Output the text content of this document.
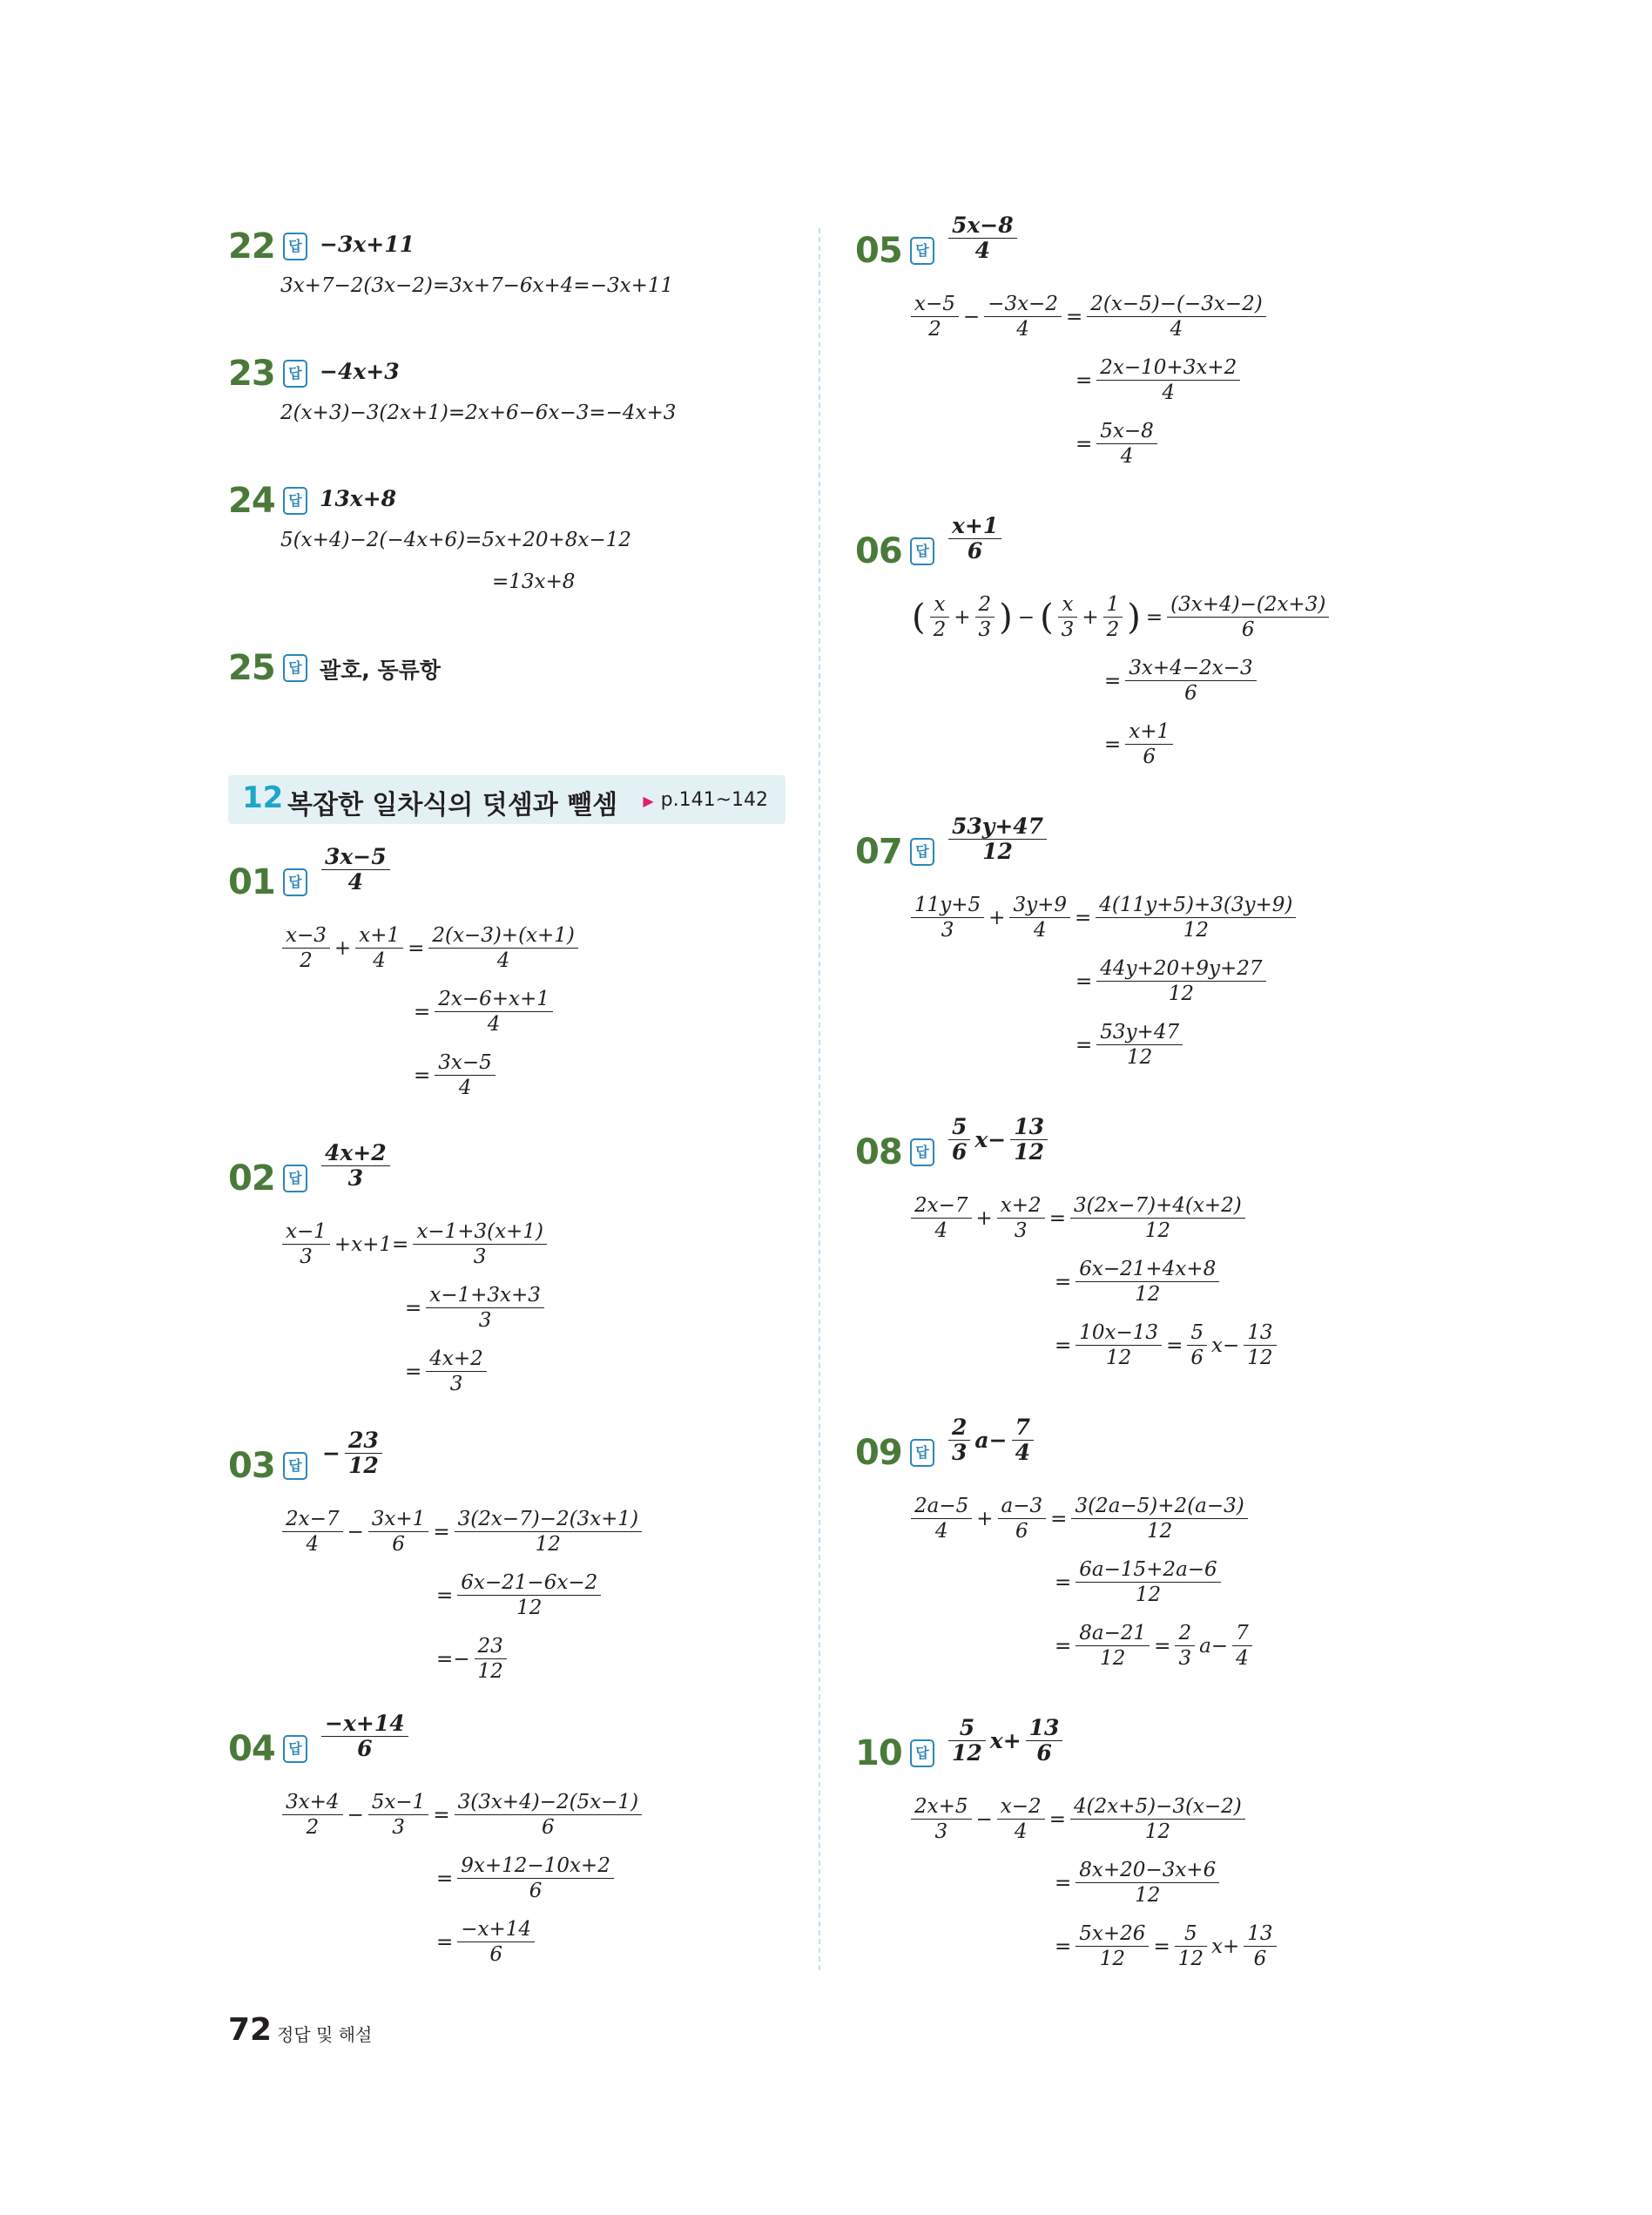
22 답 −3x+11
3x+7−2(3x−2)=3x+7−6x+4=−3x+11
23 답 −4x+3
2(x+3)−3(2x+1)=2x+6−6x−3=−4x+3
24 답 13x+8
5(x+4)−2(−4x+6)=5x+20+8x−12
=13x+8
25 답 괄호, 동류항
12 복잡한 일차식의 덧셈과 뺄셈 ▶ p.141~142
01 답 $\frac{3x-5}{4}$
$\frac{x-3}{2} + \frac{x+1}{4} = \frac{2(x-3)+(x+1)}{4}$
= $\frac{2x-6+x+1}{4}$
= $\frac{3x-5}{4}$
02 답 $\frac{4x+2}{3}$
$\frac{x-1}{3} +x+1= \frac{x-1+3(x+1)}{3}$
= $\frac{x-1+3x+3}{3}$
= $\frac{4x+2}{3}$
03 답 − $\frac{23}{12}$
$\frac{2x-7}{4} - \frac{3x+1}{6} = \frac{3(2x-7)-2(3x+1)}{12}$
= $\frac{6x-21-6x-2}{12}$
=− $\frac{23}{12}$
04 답 $\frac{-x+14}{6}$
$\frac{3x+4}{2} - \frac{5x-1}{3} = \frac{3(3x+4)-2(5x-1)}{6}$
= $\frac{9x+12-10x+2}{6}$
= $\frac{-x+14}{6}$
05 답 $\frac{5x-8}{4}$
$\frac{x-5}{2} - \frac{-3x-2}{4} = \frac{2(x-5)-(-3x-2)}{4}$
= $\frac{2x-10+3x+2}{4}$
= $\frac{5x-8}{4}$
06 답 $\frac{x+1}{6}$
( $\frac{x}{2} + \frac{2}{3}$ ) − ( $\frac{x}{3} + \frac{1}{2}$ ) = $\frac{(3x+4)-(2x+3)}{6}$
= $\frac{3x+4-2x-3}{6}$
= $\frac{x+1}{6}$
07 답 $\frac{53y+47}{12}$
$\frac{11y+5}{3} + \frac{3y+9}{4} = \frac{4(11y+5)+3(3y+9)}{12}$
= $\frac{44y+20+9y+27}{12}$
= $\frac{53y+47}{12}$
08 답 $\frac{5}{6} x- \frac{13}{12}$
$\frac{2x-7}{4} + \frac{x+2}{3} = \frac{3(2x-7)+4(x+2)}{12}$
= $\frac{6x-21+4x+8}{12}$
= $\frac{10x-13}{12} = \frac{5}{6} x- \frac{13}{12}$
09 답 $\frac{2}{3} a- \frac{7}{4}$
$\frac{2a-5}{4} + \frac{a-3}{6} = \frac{3(2a-5)+2(a-3)}{12}$
= $\frac{6a-15+2a-6}{12}$
= $\frac{8a-21}{12} = \frac{2}{3} a- \frac{7}{4}$
10 답 $\frac{5}{12} x+ \frac{13}{6}$
$\frac{2x+5}{3} - \frac{x-2}{4} = \frac{4(2x+5)-3(x-2)}{12}$
= $\frac{8x+20-3x+6}{12}$
= $\frac{5x+26}{12} = \frac{5}{12} x+ \frac{13}{6}$
72 정답 및 해설
